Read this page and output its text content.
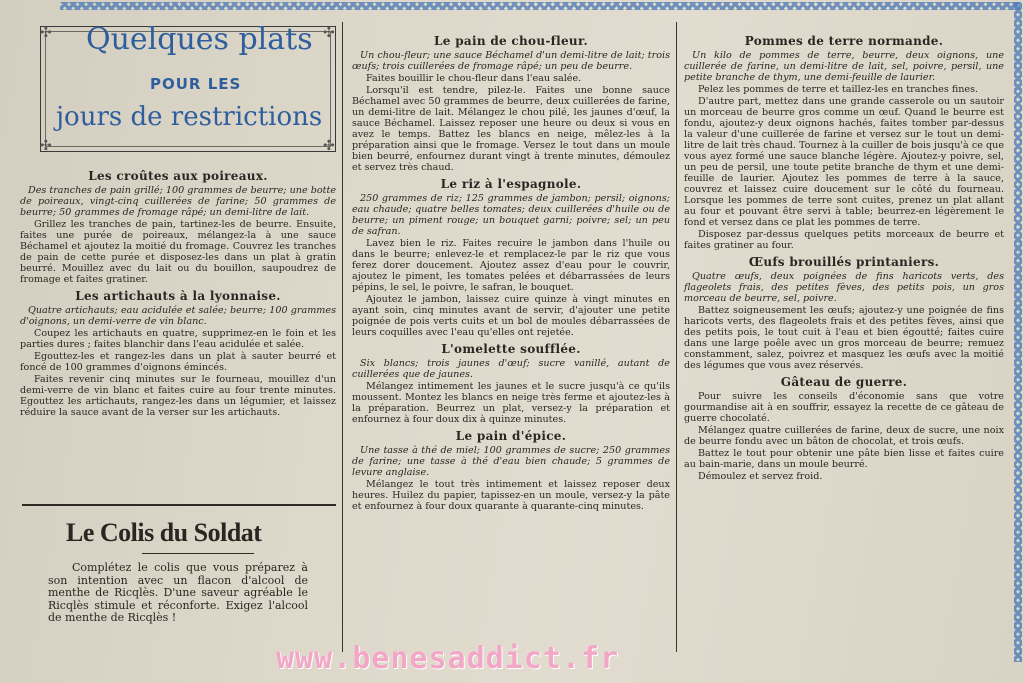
✣	✣
✣	✣
Quelques plats
POUR LES
jours de restrictions
Les croûtes aux poireaux.

Des tranches de pain grillé; 100 grammes de beurre; une botte de poireaux, vingt-cinq cuillerées de farine; 50 grammes de beurre; 50 grammes de fromage râpé; un demi-litre de lait.

Grillez les tranches de pain, tartinez-les de beurre. Ensuite, faites une purée de poireaux, mélangez-la à une sauce Béchamel et ajoutez la moitié du fromage. Couvrez les tranches de pain de cette purée et disposez-les dans un plat à gratin beurré. Mouillez avec du lait ou du bouillon, saupoudrez de fromage et faites gratiner.

Les artichauts à la lyonnaise.

Quatre artichauts; eau acidulée et salée; beurre; 100 grammes d'oignons, un demi-verre de vin blanc.

Coupez les artichauts en quatre, supprimez-en le foin et les parties dures ; faites blanchir dans l'eau acidulée et salée.

Egouttez-les et rangez-les dans un plat à sauter beurré et foncé de 100 grammes d'oignons émincés.

Faites revenir cinq minutes sur le fourneau, mouillez d'un demi-verre de vin blanc et faites cuire au four trente minutes. Egouttez les artichauts, rangez-les dans un légumier, et laissez réduire la sauce avant de la verser sur les artichauts.

Le pain de chou-fleur.

Un chou-fleur; une sauce Béchamel d'un demi-litre de lait; trois œufs; trois cuillerées de fromage râpé; un peu de beurre.

Faites bouillir le chou-fleur dans l'eau salée.

Lorsqu'il est tendre, pilez-le. Faites une bonne sauce Béchamel avec 50 grammes de beurre, deux cuillerées de farine, un demi-litre de lait. Mélangez le chou pilé, les jaunes d'œuf, la sauce Béchamel. Laissez reposer une heure ou deux si vous en avez le temps. Battez les blancs en neige, mêlez-les à la préparation ainsi que le fromage. Versez le tout dans un moule bien beurré, enfournez durant vingt à trente minutes, démoulez et servez très chaud.

Le riz à l'espagnole.

250 grammes de riz; 125 grammes de jambon; persil; oignons; eau chaude; quatre belles tomates; deux cuillerées d'huile ou de beurre; un piment rouge; un bouquet garni; poivre; sel; un peu de safran.

Lavez bien le riz. Faites recuire le jambon dans l'huile ou dans le beurre; enlevez-le et remplacez-le par le riz que vous ferez dorer doucement. Ajoutez assez d'eau pour le couvrir, ajoutez le piment, les tomates pelées et débarrassées de leurs pépins, le sel, le poivre, le safran, le bouquet.

Ajoutez le jambon, laissez cuire quinze à vingt minutes en ayant soin, cinq minutes avant de servir, d'ajouter une petite poignée de pois verts cuits et un bol de moules débarrassées de leurs coquilles avec l'eau qu'elles ont rejetée.

L'omelette soufflée.

Six blancs; trois jaunes d'œuf; sucre vanillé, autant de cuillerées que de jaunes.

Mélangez intimement les jaunes et le sucre jusqu'à ce qu'ils moussent. Montez les blancs en neige très ferme et ajoutez-les à la préparation. Beurrez un plat, versez-y la préparation et enfournez à four doux dix à quinze minutes.

Le pain d'épice.

Une tasse à thé de miel; 100 grammes de sucre; 250 grammes de farine; une tasse à thé d'eau bien chaude; 5 grammes de levure anglaise.

Mélangez le tout très intimement et laissez reposer deux heures. Huilez du papier, tapissez-en un moule, versez-y la pâte et enfournez à four doux quarante à quarante-cinq minutes.

Pommes de terre normande.

Un kilo de pommes de terre, beurre, deux oignons, une cuillerée de farine, un demi-litre de lait, sel, poivre, persil, une petite branche de thym, une demi-feuille de laurier.

Pelez les pommes de terre et taillez-les en tranches fines.

D'autre part, mettez dans une grande casserole ou un sautoir un morceau de beurre gros comme un œuf. Quand le beurre est fondu, ajoutez-y deux oignons hachés, faites tomber par-dessus la valeur d'une cuillerée de farine et versez sur le tout un demi-litre de lait très chaud. Tournez à la cuiller de bois jusqu'à ce que vous ayez formé une sauce blanche légère. Ajoutez-y poivre, sel, un peu de persil, une toute petite branche de thym et une demi-feuille de laurier. Ajoutez les pommes de terre à la sauce, couvrez et laissez cuire doucement sur le côté du fourneau. Lorsque les pommes de terre sont cuites, prenez un plat allant au four et pouvant être servi à table; beurrez-en légèrement le fond et versez dans ce plat les pommes de terre.

Disposez par-dessus quelques petits morceaux de beurre et faites gratiner au four.

Œufs brouillés printaniers.

Quatre œufs, deux poignées de fins haricots verts, des flageolets frais, des petites fèves, des petits pois, un gros morceau de beurre, sel, poivre.

Battez soigneusement les œufs; ajoutez-y une poignée de fins haricots verts, des flageolets frais et des petites fèves, ainsi que des petits pois, le tout cuit à l'eau et bien égoutté; faites cuire dans une large poêle avec un gros morceau de beurre; remuez constamment, salez, poivrez et masquez les œufs avec la moitié des légumes que vous avez réservés.

Gâteau de guerre.

Pour suivre les conseils d'économie sans que votre gourmandise ait à en souffrir, essayez la recette de ce gâteau de guerre chocolaté.

Mélangez quatre cuillerées de farine, deux de sucre, une noix de beurre fondu avec un bâton de chocolat, et trois œufs.

Battez le tout pour obtenir une pâte bien lisse et faites cuire au bain-marie, dans un moule beurré.

Démoulez et servez froid.

Le Colis du Soldat

Complétez le colis que vous préparez à son intention avec un flacon d'alcool de menthe de Ricqlès. D'une saveur agréable le Ricqlès stimule et réconforte. Exigez l'alcool de menthe de Ricqlès !

www.benesaddict.fr
